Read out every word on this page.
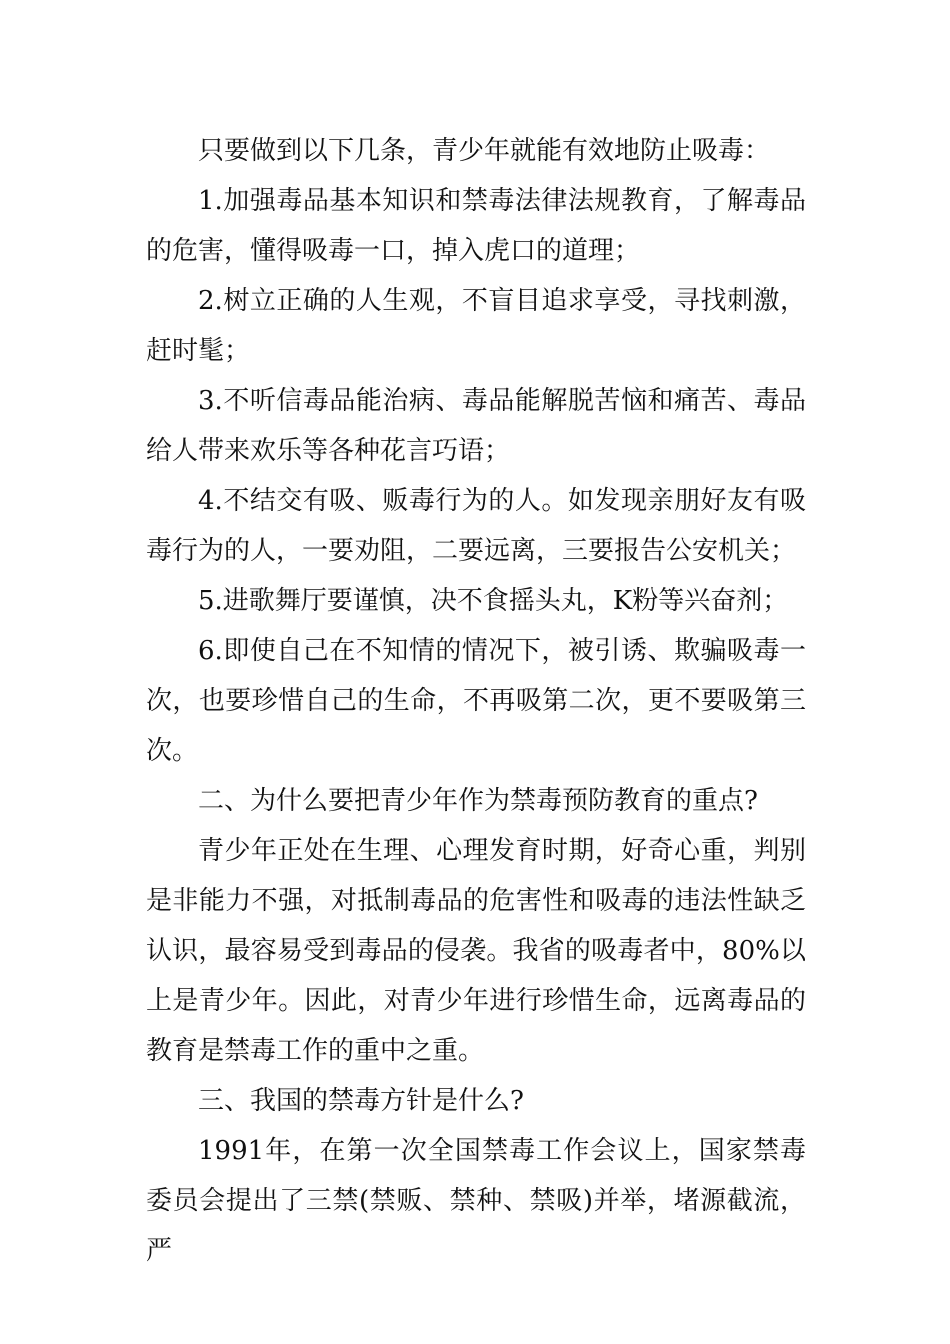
只要做到以下几条，青少年就能有效地防止吸毒：

1.加强毒品基本知识和禁毒法律法规教育，了解毒品的危害，懂得吸毒一口，掉入虎口的道理；

2.树立正确的人生观，不盲目追求享受，寻找刺激，赶时髦；

3.不听信毒品能治病、毒品能解脱苦恼和痛苦、毒品给人带来欢乐等各种花言巧语；

4.不结交有吸、贩毒行为的人。如发现亲朋好友有吸毒行为的人，一要劝阻，二要远离，三要报告公安机关；

5.进歌舞厅要谨慎，决不食摇头丸，K粉等兴奋剂；

6.即使自己在不知情的情况下，被引诱、欺骗吸毒一次，也要珍惜自己的生命，不再吸第二次，更不要吸第三次。

二、为什么要把青少年作为禁毒预防教育的重点?

青少年正处在生理、心理发育时期，好奇心重，判别是非能力不强，对抵制毒品的危害性和吸毒的违法性缺乏认识，最容易受到毒品的侵袭。我省的吸毒者中，80%以上是青少年。因此，对青少年进行珍惜生命，远离毒品的教育是禁毒工作的重中之重。

三、我国的禁毒方针是什么?

1991年，在第一次全国禁毒工作会议上，国家禁毒委员会提出了三禁(禁贩、禁种、禁吸)并举，堵源截流，严
